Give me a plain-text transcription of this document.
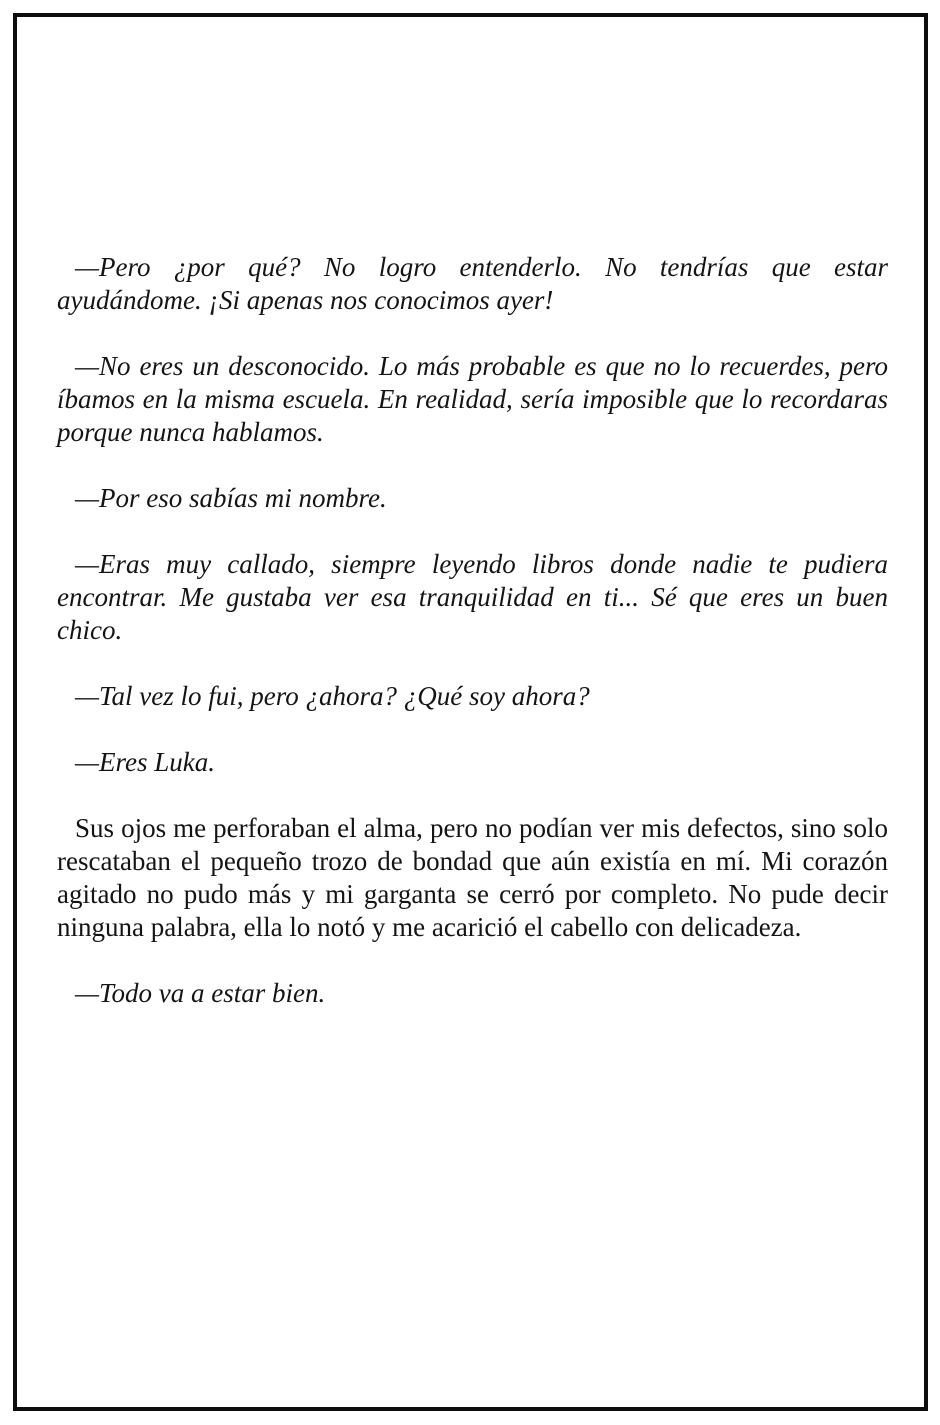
—Pero ¿por qué? No logro entenderlo. No tendrías que estar ayudándome. ¡Si apenas nos conocimos ayer!

—No eres un desconocido. Lo más probable es que no lo recuerdes, pero íbamos en la misma escuela. En realidad, sería imposible que lo recordaras porque nunca hablamos.

—Por eso sabías mi nombre.

—Eras muy callado, siempre leyendo libros donde nadie te pudiera encontrar. Me gustaba ver esa tranquilidad en ti... Sé que eres un buen chico.

—Tal vez lo fui, pero ¿ahora? ¿Qué soy ahora?

—Eres Luka.

Sus ojos me perforaban el alma, pero no podían ver mis defectos, sino solo rescataban el pequeño trozo de bondad que aún existía en mí. Mi corazón agitado no pudo más y mi garganta se cerró por completo. No pude decir ninguna palabra, ella lo notó y me acarició el cabello con delicadeza.

—Todo va a estar bien.
